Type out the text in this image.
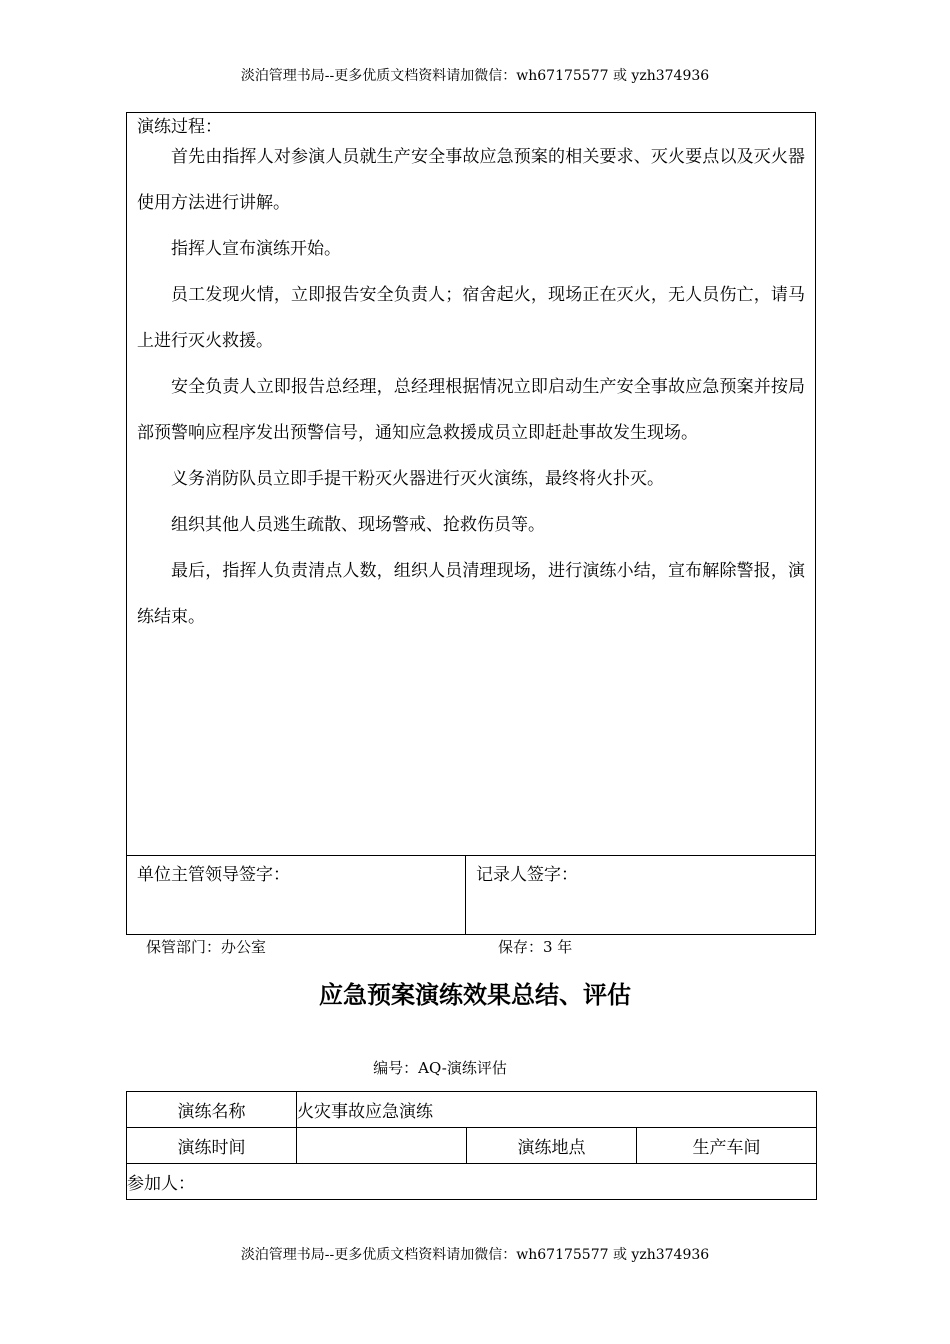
淡泊管理书局--更多优质文档资料请加微信：wh67175577 或 yzh374936
演练过程：

首先由指挥人对参演人员就生产安全事故应急预案的相关要求、灭火要点以及灭火器使用方法进行讲解。

指挥人宣布演练开始。

员工发现火情，立即报告安全负责人；宿舍起火，现场正在灭火，无人员伤亡，请马上进行灭火救援。

安全负责人立即报告总经理，总经理根据情况立即启动生产安全事故应急预案并按局部预警响应程序发出预警信号，通知应急救援成员立即赶赴事故发生现场。

义务消防队员立即手提干粉灭火器进行灭火演练，最终将火扑灭。

组织其他人员逃生疏散、现场警戒、抢救伤员等。

最后，指挥人负责清点人数，组织人员清理现场，进行演练小结，宣布解除警报，演练结束。

单位主管领导签字：	记录人签字：
保管部门：办公室	保存：3 年
应急预案演练效果总结、评估
编号：AQ-演练评估
演练名称	火灾事故应急演练		
演练时间		演练地点	生产车间
参加人：			
淡泊管理书局--更多优质文档资料请加微信：wh67175577 或 yzh374936
